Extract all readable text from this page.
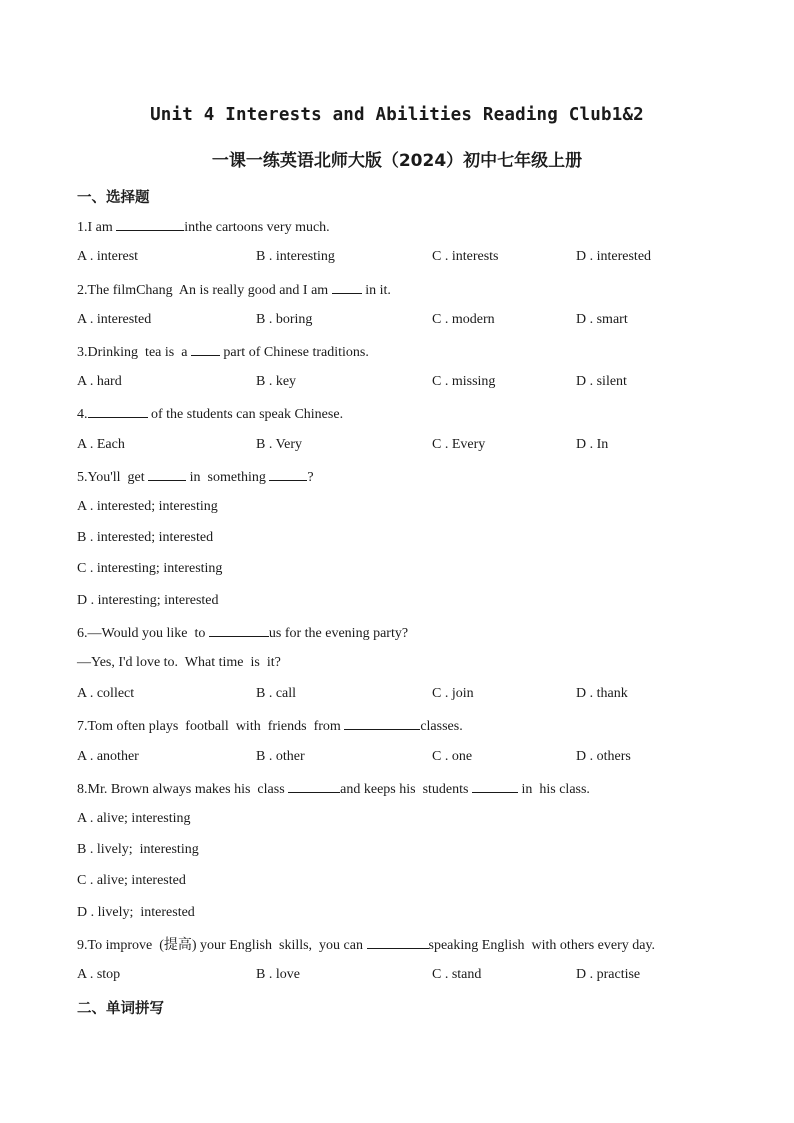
Unit 4 Interests and Abilities Reading Club1&2
一课一练英语北师大版（2024）初中七年级上册
一、选择题
1.I am	inthe cartoons very much.
A . interest	B . interesting	C . interests	D . interested
2.The filmChang  An is really good and I am  in it.
A . interested	B . boring	C . modern	D . smart
3.Drinking  tea is  a  part of Chinese traditions.
A . hard	B . key	C . missing	D . silent
4.	of the students can speak Chinese.
A . Each	B . Very	C . Every	D . In
5.You'll  get	in  something	?
A . interested; interesting
B . interested; interested
C . interesting; interesting
D . interesting; interested
6.—Would you like  to	us for the evening party?
—Yes, I'd love to.  What time  is  it?
A . collect	B . call	C . join	D . thank
7.Tom often plays  football  with  friends  from	classes.
A . another	B . other	C . one	D . others
8.Mr. Brown always makes his  class	and keeps his  students	in  his class.
A . alive; interesting
B . lively;  interesting
C . alive; interested
D . lively;  interested
9.To improve  (提高) your English  skills,  you can	speaking English  with others every day.
A . stop	B . love	C . stand	D . practise
二、单词拼写
